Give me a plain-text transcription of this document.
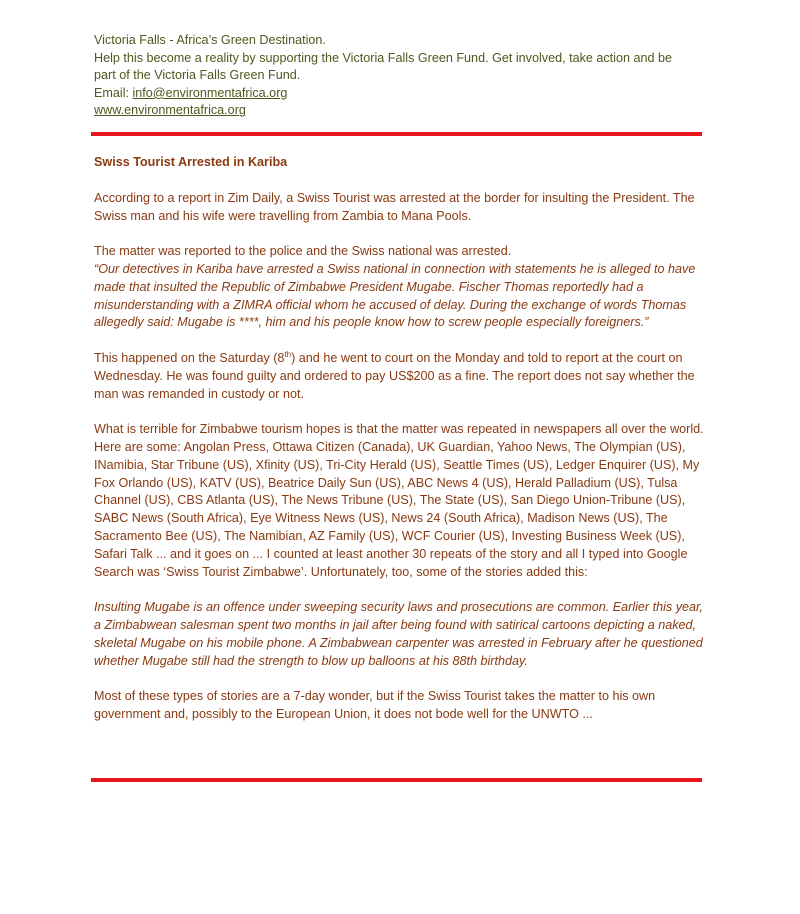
Victoria Falls - Africa’s Green Destination.
Help this become a reality by supporting the Victoria Falls Green Fund. Get involved, take action and be
part of the Victoria Falls Green Fund.
Email: info@environmentafrica.org
www.environmentafrica.org

Swiss Tourist Arrested in Kariba

According to a report in Zim Daily, a Swiss Tourist was arrested at the border for insulting the President. The Swiss man and his wife were travelling from Zambia to Mana Pools.

The matter was reported to the police and the Swiss national was arrested.

“Our detectives in Kariba have arrested a Swiss national in connection with statements he is alleged to have made that insulted the Republic of Zimbabwe President Mugabe. Fischer Thomas reportedly had a misunderstanding with a ZIMRA official whom he accused of delay. During the exchange of words Thomas allegedly said: Mugabe is ****, him and his people know how to screw people especially foreigners.”

This happened on the Saturday (8th) and he went to court on the Monday and told to report at the court on Wednesday. He was found guilty and ordered to pay US$200 as a fine. The report does not say whether the man was remanded in custody or not.

What is terrible for Zimbabwe tourism hopes is that the matter was repeated in newspapers all over the world. Here are some: Angolan Press, Ottawa Citizen (Canada), UK Guardian, Yahoo News, The Olympian (US), INamibia, Star Tribune (US), Xfinity (US), Tri-City Herald (US), Seattle Times (US), Ledger Enquirer (US), My Fox Orlando (US), KATV (US), Beatrice Daily Sun (US), ABC News 4 (US), Herald Palladium (US), Tulsa Channel (US), CBS Atlanta (US), The News Tribune (US), The State (US), San Diego Union-Tribune (US), SABC News (South Africa), Eye Witness News (US), News 24 (South Africa), Madison News (US), The Sacramento Bee (US), The Namibian, AZ Family (US), WCF Courier (US), Investing Business Week (US), Safari Talk ... and it goes on ... I counted at least another 30 repeats of the story and all I typed into Google Search was ‘Swiss Tourist Zimbabwe’. Unfortunately, too, some of the stories added this:

Insulting Mugabe is an offence under sweeping security laws and prosecutions are common. Earlier this year, a Zimbabwean salesman spent two months in jail after being found with satirical cartoons depicting a naked, skeletal Mugabe on his mobile phone. A Zimbabwean carpenter was arrested in February after he questioned whether Mugabe still had the strength to blow up balloons at his 88th birthday.

Most of these types of stories are a 7-day wonder, but if the Swiss Tourist takes the matter to his own government and, possibly to the European Union, it does not bode well for the UNWTO ...
